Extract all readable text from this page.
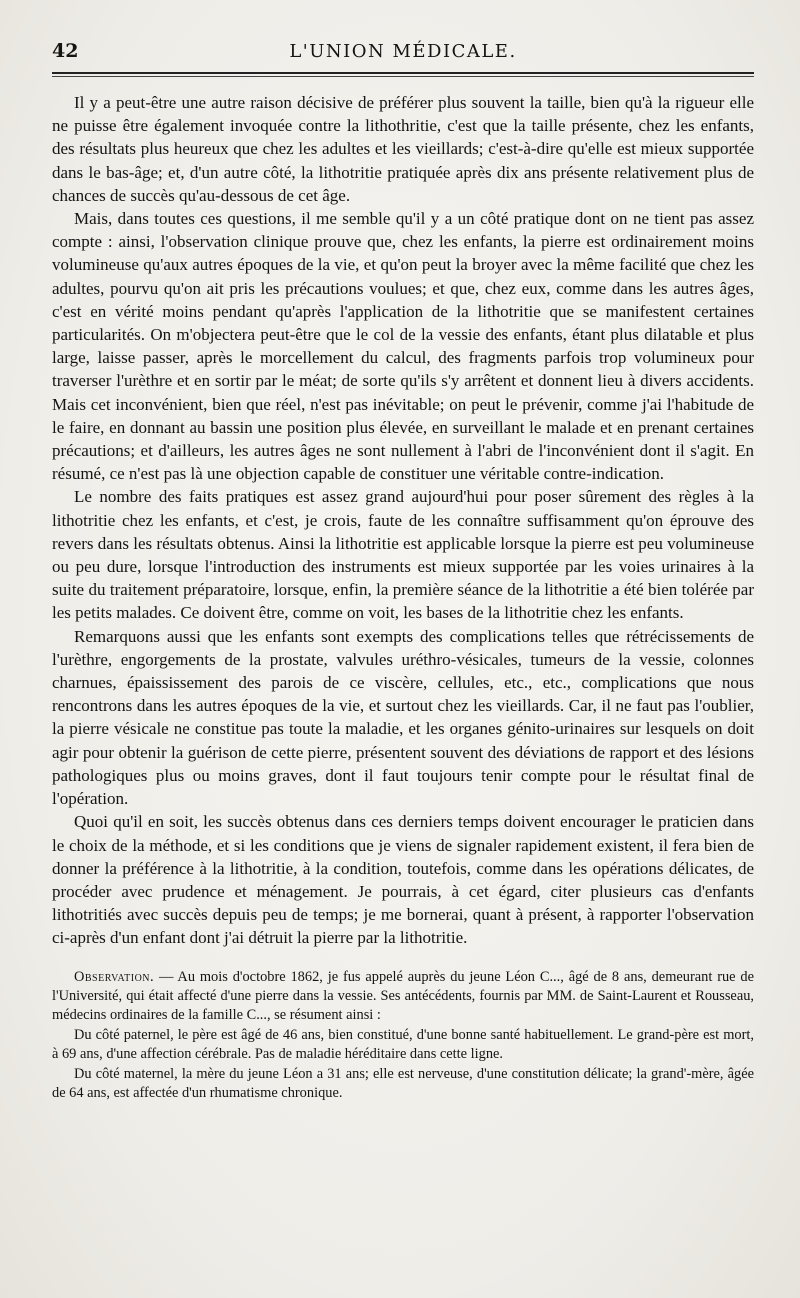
42	L'UNION MÉDICALE.

Il y a peut-être une autre raison décisive de préférer plus souvent la taille, bien qu'à la rigueur elle ne puisse être également invoquée contre la lithothritie, c'est que la taille présente, chez les enfants, des résultats plus heureux que chez les adultes et les vieillards; c'est-à-dire qu'elle est mieux supportée dans le bas-âge; et, d'un autre côté, la lithotritie pratiquée après dix ans présente relativement plus de chances de succès qu'au-dessous de cet âge.

Mais, dans toutes ces questions, il me semble qu'il y a un côté pratique dont on ne tient pas assez compte : ainsi, l'observation clinique prouve que, chez les enfants, la pierre est ordinairement moins volumineuse qu'aux autres époques de la vie, et qu'on peut la broyer avec la même facilité que chez les adultes, pourvu qu'on ait pris les précautions voulues; et que, chez eux, comme dans les autres âges, c'est en vérité moins pendant qu'après l'application de la lithotritie que se manifestent certaines particularités. On m'objectera peut-être que le col de la vessie des enfants, étant plus dilatable et plus large, laisse passer, après le morcellement du calcul, des fragments parfois trop volumineux pour traverser l'urèthre et en sortir par le méat; de sorte qu'ils s'y arrêtent et donnent lieu à divers accidents. Mais cet inconvénient, bien que réel, n'est pas inévitable; on peut le prévenir, comme j'ai l'habitude de le faire, en donnant au bassin une position plus élevée, en surveillant le malade et en prenant certaines précautions; et d'ailleurs, les autres âges ne sont nullement à l'abri de l'inconvénient dont il s'agit. En résumé, ce n'est pas là une objection capable de constituer une véritable contre-indication.

Le nombre des faits pratiques est assez grand aujourd'hui pour poser sûrement des règles à la lithotritie chez les enfants, et c'est, je crois, faute de les connaître suffisamment qu'on éprouve des revers dans les résultats obtenus. Ainsi la lithotritie est applicable lorsque la pierre est peu volumineuse ou peu dure, lorsque l'introduction des instruments est mieux supportée par les voies urinaires à la suite du traitement préparatoire, lorsque, enfin, la première séance de la lithotritie a été bien tolérée par les petits malades. Ce doivent être, comme on voit, les bases de la lithotritie chez les enfants.

Remarquons aussi que les enfants sont exempts des complications telles que rétrécissements de l'urèthre, engorgements de la prostate, valvules uréthro-vésicales, tumeurs de la vessie, colonnes charnues, épaississement des parois de ce viscère, cellules, etc., etc., complications que nous rencontrons dans les autres époques de la vie, et surtout chez les vieillards. Car, il ne faut pas l'oublier, la pierre vésicale ne constitue pas toute la maladie, et les organes génito-urinaires sur lesquels on doit agir pour obtenir la guérison de cette pierre, présentent souvent des déviations de rapport et des lésions pathologiques plus ou moins graves, dont il faut toujours tenir compte pour le résultat final de l'opération.

Quoi qu'il en soit, les succès obtenus dans ces derniers temps doivent encourager le praticien dans le choix de la méthode, et si les conditions que je viens de signaler rapidement existent, il fera bien de donner la préférence à la lithotritie, à la condition, toutefois, comme dans les opérations délicates, de procéder avec prudence et ménagement. Je pourrais, à cet égard, citer plusieurs cas d'enfants lithotritiés avec succès depuis peu de temps; je me bornerai, quant à présent, à rapporter l'observation ci-après d'un enfant dont j'ai détruit la pierre par la lithotritie.

Observation. — Au mois d'octobre 1862, je fus appelé auprès du jeune Léon C..., âgé de 8 ans, demeurant rue de l'Université, qui était affecté d'une pierre dans la vessie. Ses antécédents, fournis par MM. de Saint-Laurent et Rousseau, médecins ordinaires de la famille C..., se résument ainsi :

Du côté paternel, le père est âgé de 46 ans, bien constitué, d'une bonne santé habituellement. Le grand-père est mort, à 69 ans, d'une affection cérébrale. Pas de maladie héréditaire dans cette ligne.

Du côté maternel, la mère du jeune Léon a 31 ans; elle est nerveuse, d'une constitution délicate; la grand'-mère, âgée de 64 ans, est affectée d'un rhumatisme chronique.
